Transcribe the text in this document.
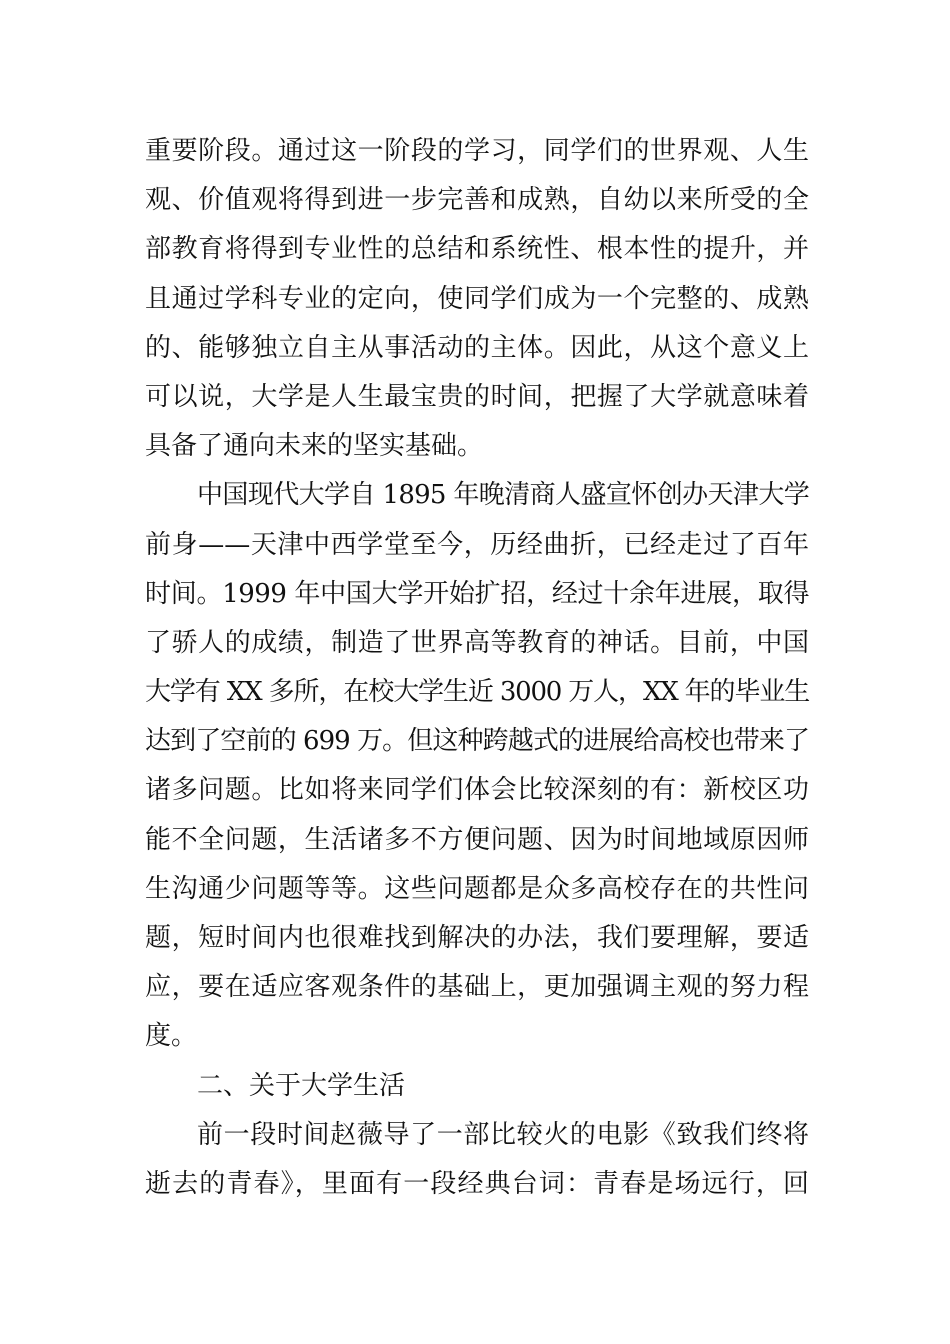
重要阶段。通过这一阶段的学习，同学们的世界观、人生
观、价值观将得到进一步完善和成熟，自幼以来所受的全
部教育将得到专业性的总结和系统性、根本性的提升，并
且通过学科专业的定向，使同学们成为一个完整的、成熟
的、能够独立自主从事活动的主体。因此，从这个意义上
可以说，大学是人生最宝贵的时间，把握了大学就意味着
具备了通向未来的坚实基础。
中国现代大学自 1895 年晚清商人盛宣怀创办天津大学
前身——天津中西学堂至今，历经曲折，已经走过了百年
时间。1999 年中国大学开始扩招，经过十余年进展，取得
了骄人的成绩，制造了世界高等教育的神话。目前，中国
大学有 XX 多所，在校大学生近 3000 万人，XX 年的毕业生
达到了空前的 699 万。但这种跨越式的进展给高校也带来了
诸多问题。比如将来同学们体会比较深刻的有：新校区功
能不全问题，生活诸多不方便问题、因为时间地域原因师
生沟通少问题等等。这些问题都是众多高校存在的共性问
题，短时间内也很难找到解决的办法，我们要理解，要适
应，要在适应客观条件的基础上，更加强调主观的努力程
度。
二、关于大学生活
前一段时间赵薇导了一部比较火的电影《致我们终将
逝去的青春》，里面有一段经典台词：青春是场远行，回
